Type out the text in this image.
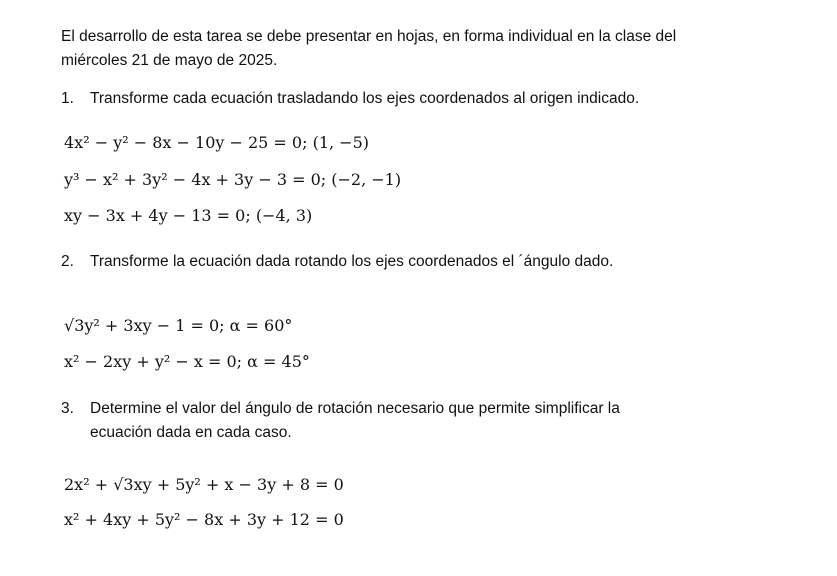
El desarrollo de esta tarea se debe presentar en hojas, en forma individual en la clase del
miércoles 21 de mayo de 2025.
1. Transforme cada ecuación trasladando los ejes coordenados al origen indicado.
4x² − y² − 8x − 10y − 25 = 0; (1, −5)
y³ − x² + 3y² − 4x + 3y − 3 = 0; (−2, −1)
xy − 3x + 4y − 13 = 0; (−4, 3)
2. Transforme la ecuación dada rotando los ejes coordenados el ´ángulo dado.
√3y² + 3xy − 1 = 0; α = 60°
x² − 2xy + y² − x = 0; α = 45°
3. Determine el valor del ángulo de rotación necesario que permite simplificar la
ecuación dada en cada caso.
2x² + √3xy + 5y² + x − 3y + 8 = 0
x² + 4xy + 5y² − 8x + 3y + 12 = 0
